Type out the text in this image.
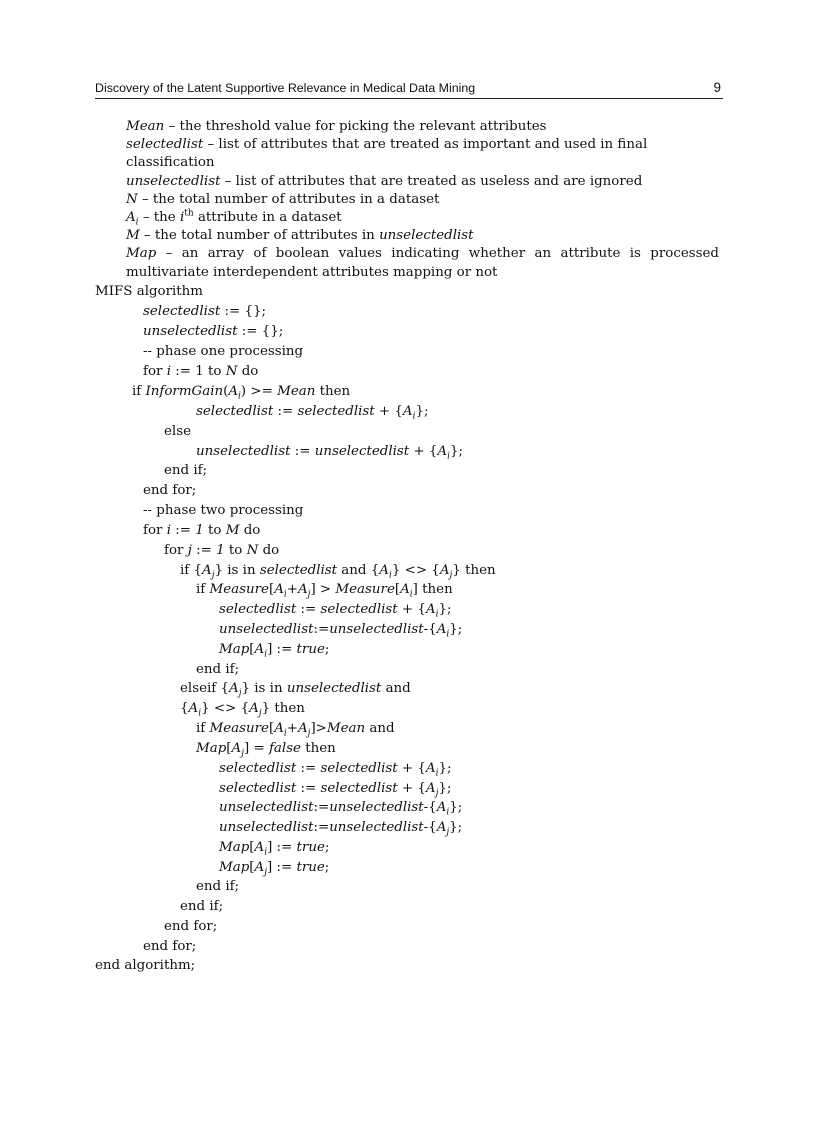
Discovery of the Latent Supportive Relevance in Medical Data Mining	9

Mean – the threshold value for picking the relevant attributes

selectedlist – list of attributes that are treated as important and used in final classification

unselectedlist – list of attributes that are treated as useless and are ignored

N – the total number of attributes in a dataset

$A_i$ – the $i^{th}$ attribute in a dataset

M – the total number of attributes in unselectedlist

Map – an array of boolean values indicating whether an attribute is processed

multivariate interdependent attributes mapping or not

MIFS algorithm
selectedlist := {};
unselectedlist := {};
-- phase one processing
for i := 1 to N do
if $InformGain(A_i)$ >= Mean then
selectedlist := selectedlist + $\{A_i\}$;
else
unselectedlist := unselectedlist + $\{A_i\}$;
end if;
end for;
-- phase two processing
for i := 1 to M do
for j := 1 to N do
if $\{A_j\}$ is in selectedlist and $\{A_i\} <> \{A_j\}$ then
if $Measure[A_i+A_j]$ > $Measure[A_i]$ then
selectedlist := selectedlist + $\{A_i\}$;
$unselectedlist:=unselectedlist-\{A_i\}$;
$Map[A_i]$ := true;
end if;
elseif $\{A_j\}$ is in unselectedlist and
$\{A_i\} <> \{A_j\}$ then
if $Measure[A_i+A_j]>Mean$ and
$Map[A_j]$ = false then
selectedlist := selectedlist + $\{A_i\}$;
selectedlist := selectedlist + $\{A_j\}$;
$unselectedlist:=unselectedlist-\{A_i\}$;
$unselectedlist:=unselectedlist-\{A_j\}$;
$Map[A_i]$ := true;
$Map[A_j]$ := true;
end if;
end if;
end for;
end for;
end algorithm;
